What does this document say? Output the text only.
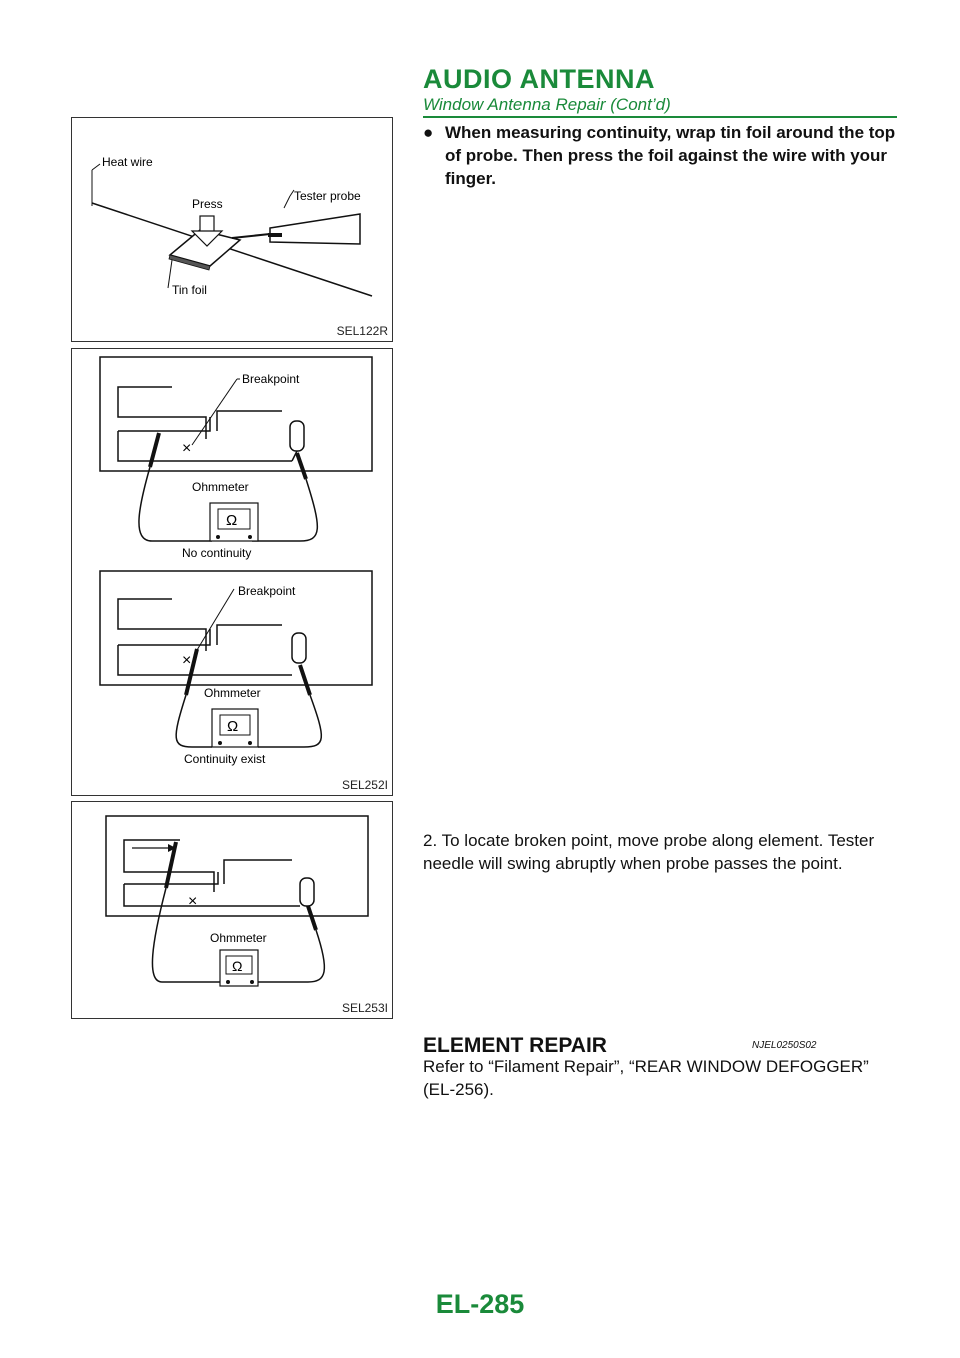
AUDIO ANTENNA
Window Antenna Repair (Cont’d)
Heat wire
Press
Tester probe
Tin foil
SEL122R
×
Breakpoint
Ohmmeter
Ω
No continuity
×
Breakpoint
Ohmmeter
Ω
Continuity exist
SEL252I
×
Ohmmeter
Ω
SEL253I
● When measuring continuity, wrap tin foil around the top of probe. Then press the foil against the wire with your finger.
2. To locate broken point, move probe along element. Tester needle will swing abruptly when probe passes the point.
ELEMENT REPAIR	NJEL0250S02
Refer to “Filament Repair”, “REAR WINDOW DEFOGGER” (EL-256).
EL-285
